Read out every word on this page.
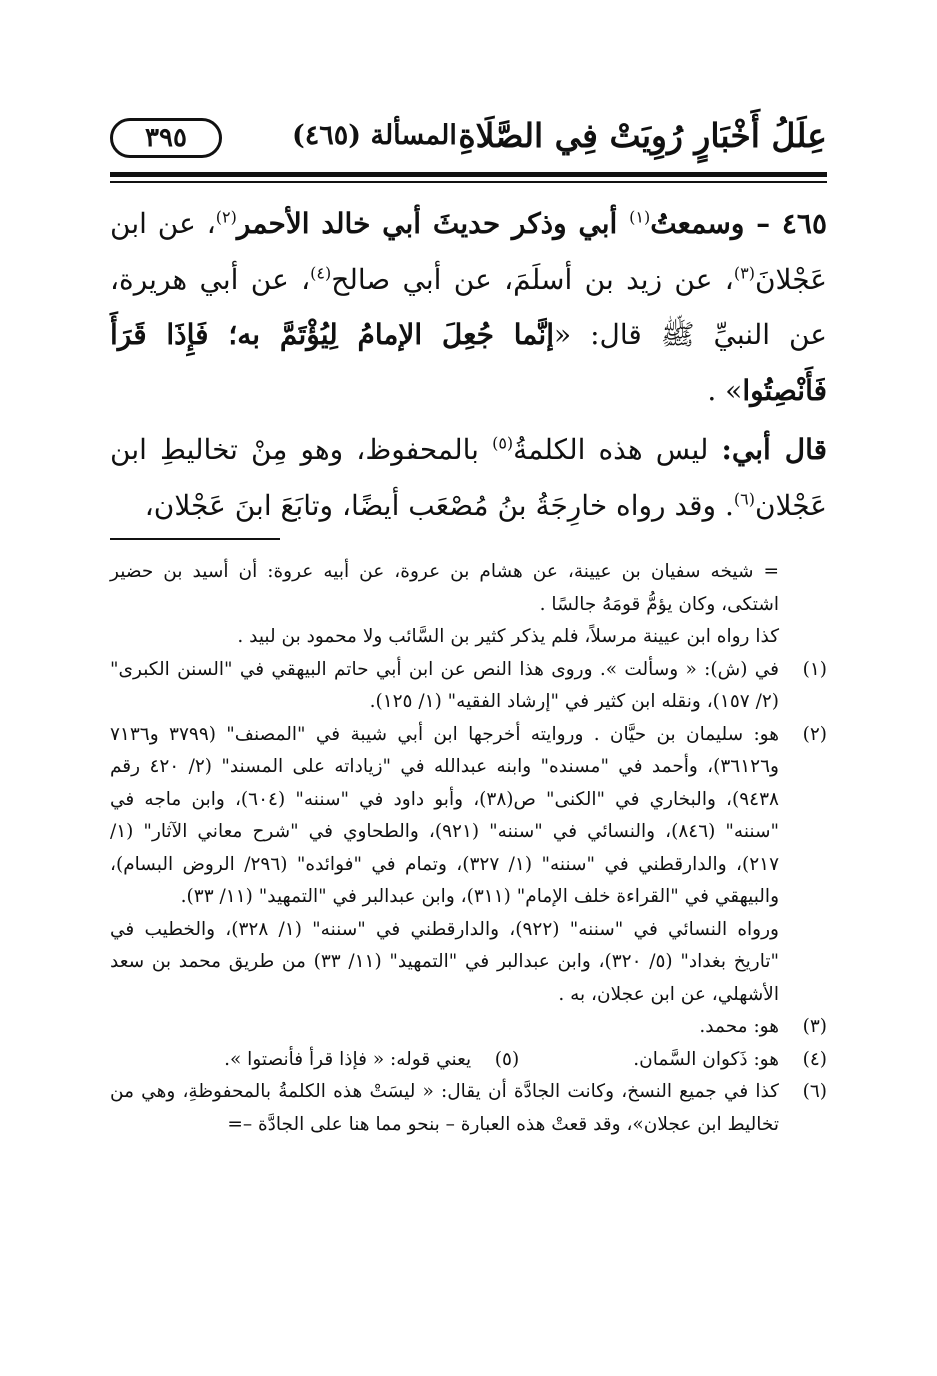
عِلَلُ أَخْبَارٍ رُوِيَتْ فِي الصَّلَاةِ
المسألة (٤٦٥)
٣٩٥

٤٦٥ – وسمعتُ$^{(١)}$ أبي وذكر حديثَ أبي خالد الأحمر$^{(٢)}$، عن ابن عَجْلانَ$^{(٣)}$، عن زيد بن أسلَمَ، عن أبي صالح$^{(٤)}$، عن أبي هريرة، عن النبيِّ ﷺ قال: «إنَّما جُعِلَ الإمامُ لِيُؤْتَمَّ به؛ فَإِذَا قَرَأَ فَأَنْصِتُوا» .

قال أبي: ليس هذه الكلمةُ$^{(٥)}$ بالمحفوظ، وهو مِنْ تخاليطِ ابن عَجْلان$^{(٦)}$. وقد رواه خارِجَةُ بنُ مُصْعَب أيضًا، وتابَعَ ابنَ عَجْلان،

= شيخه سفيان بن عيينة، عن هشام بن عروة، عن أبيه عروة: أن أسيد بن حضير اشتكى، وكان يؤمُّ قومَهُ جالسًا .
كذا رواه ابن عيينة مرسلاً، فلم يذكر كثير بن السَّائب ولا محمود بن لبيد .
(١)
في (ش): « وسألت ». وروى هذا النص عن ابن أبي حاتم البيهقي في "السنن الكبرى" (٢/ ١٥٧)، ونقله ابن كثير في "إرشاد الفقيه" (١/ ١٢٥).
(٢)
هو: سليمان بن حيَّان . وروايته أخرجها ابن أبي شيبة في "المصنف" (٣٧٩٩ و٧١٣٦ و٣٦١٢٦)، وأحمد في "مسنده" وابنه عبدالله في "زياداته على المسند" (٢/ ٤٢٠ رقم ٩٤٣٨)، والبخاري في "الكنى" ص(٣٨)، وأبو داود في "سننه" (٦٠٤)، وابن ماجه في "سننه" (٨٤٦)، والنسائي في "سننه" (٩٢١)، والطحاوي في "شرح معاني الآثار" (١/ ٢١٧)، والدارقطني في "سننه" (١/ ٣٢٧)، وتمام في "فوائده" (٢٩٦/ الروض البسام)، والبيهقي في "القراءة خلف الإمام" (٣١١)، وابن عبدالبر في "التمهيد" (١١/ ٣٣).
ورواه النسائي في "سننه" (٩٢٢)، والدارقطني في "سننه" (١/ ٣٢٨)، والخطيب في "تاريخ بغداد" (٥/ ٣٢٠)، وابن عبدالبر في "التمهيد" (١١/ ٣٣) من طريق محمد بن سعد الأشهلي، عن ابن عجلان، به .
(٣)
هو: محمد.
(٤)
هو: ذَكوان السَّمان.
(٥)
يعني قوله: « فإذا قرأ فأنصتوا ».
(٦)
كذا في جميع النسخ، وكانت الجادَّة أن يقال: « ليسَتْ هذه الكلمةُ بالمحفوظةِ، وهي من تخاليط ابن عجلان»، وقد قعتْ هذه العبارة – بنحو مما هنا على الجادَّة –=
